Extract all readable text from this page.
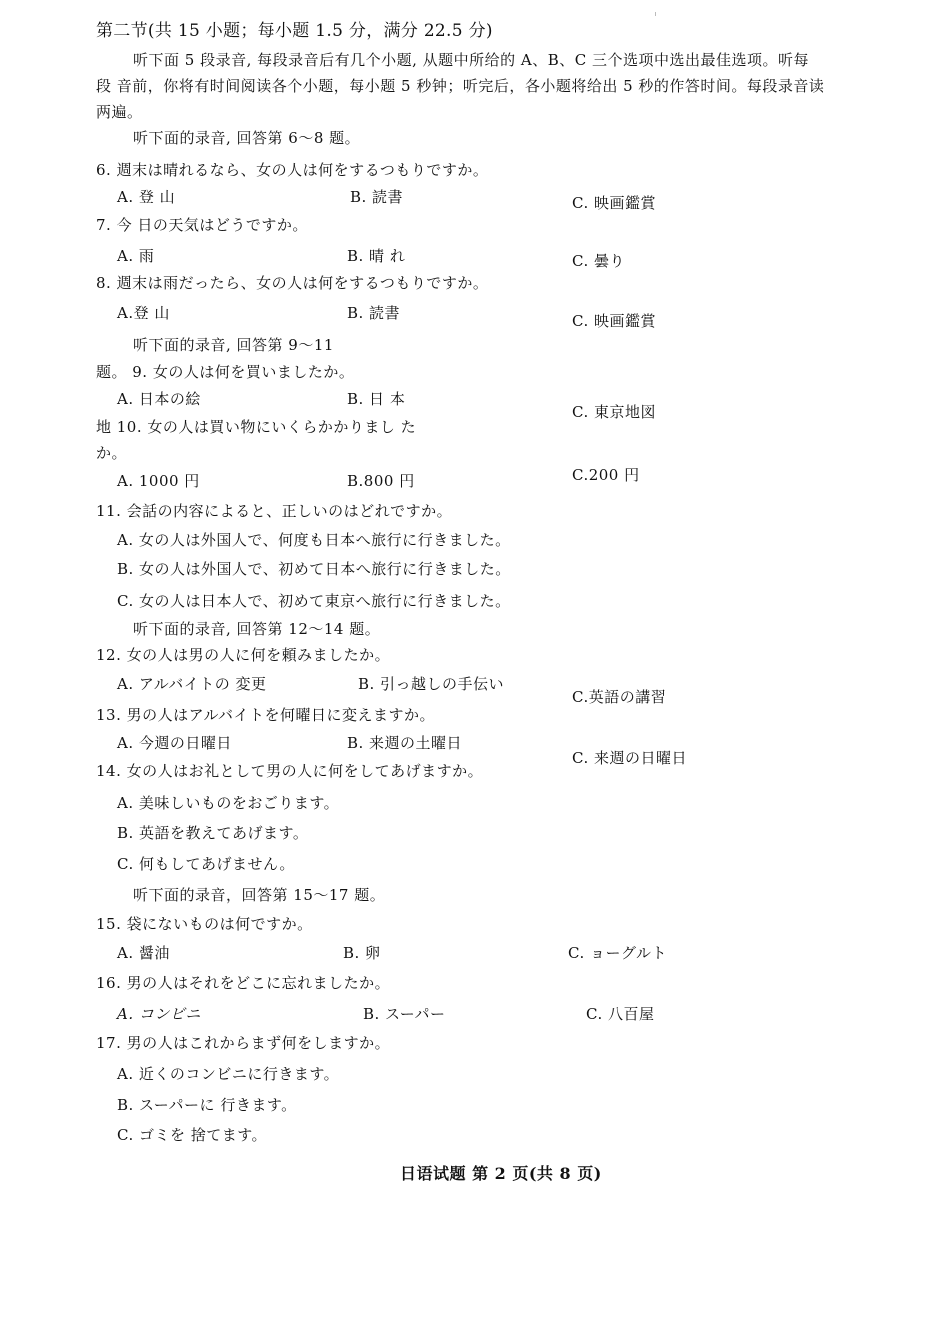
第二节(共 15 小题；每小题 1.5 分，满分 22.5 分)
听下面 5 段录音, 每段录音后有几个小题, 从题中所给的 A、B、C 三个选项中选出最佳选项。听每
段 音前，你将有时间阅读各个小题，每小题 5 秒钟；听完后，各小题将给出 5 秒的作答时间。每段录音读
两遍。
听下面的录音, 回答第 6～8 题。
6. 週末は晴れるなら、女の人は何をするつもりですか。
A. 登 山	B. 読書	C. 映画鑑賞
7. 今 日の天気はどうですか。
A. 雨	B. 晴 れ	C. 曇り
8. 週末は雨だったら、女の人は何をするつもりですか。
A.登 山	B. 読書	C. 映画鑑賞
听下面的录音, 回答第 9～11
题。 9. 女の人は何を買いましたか。
A. 日本の絵	B. 日 本
C. 東京地図
地 10. 女の人は買い物にいくらかかりまし た
か。
A. 1000 円	B.800 円	C.200 円
11. 会話の内容によると、正しいのはどれですか。
A. 女の人は外国人で、何度も日本へ旅行に行きました。
B. 女の人は外国人で、初めて日本へ旅行に行きました。
C. 女の人は日本人で、初めて東京へ旅行に行きました。
听下面的录音, 回答第 12～14 题。
12. 女の人は男の人に何を頼みましたか。
A. アルバイトの 変更	B. 引っ越しの手伝い
C.英語の講習
13. 男の人はアルバイトを何曜日に変えますか。
A. 今週の日曜日	B. 来週の土曜日
C. 来週の日曜日
14. 女の人はお礼として男の人に何をしてあげますか。
A. 美味しいものをおごります。
B. 英語を教えてあげます。
C. 何もしてあげません。
听下面的录音，回答第 15～17 题。
15. 袋にないものは何ですか。
A. 醤油	B. 卵	C. ョーグルト
16. 男の人はそれをどこに忘れましたか。
A. コンビニ	B. スーパー	C. 八百屋
17. 男の人はこれからまず何をしますか。
A. 近くのコンビニに行きます。
B. スーパーに 行きます。
C. ゴミを 捨てます。
日语试题 第 2 页(共 8 页)
